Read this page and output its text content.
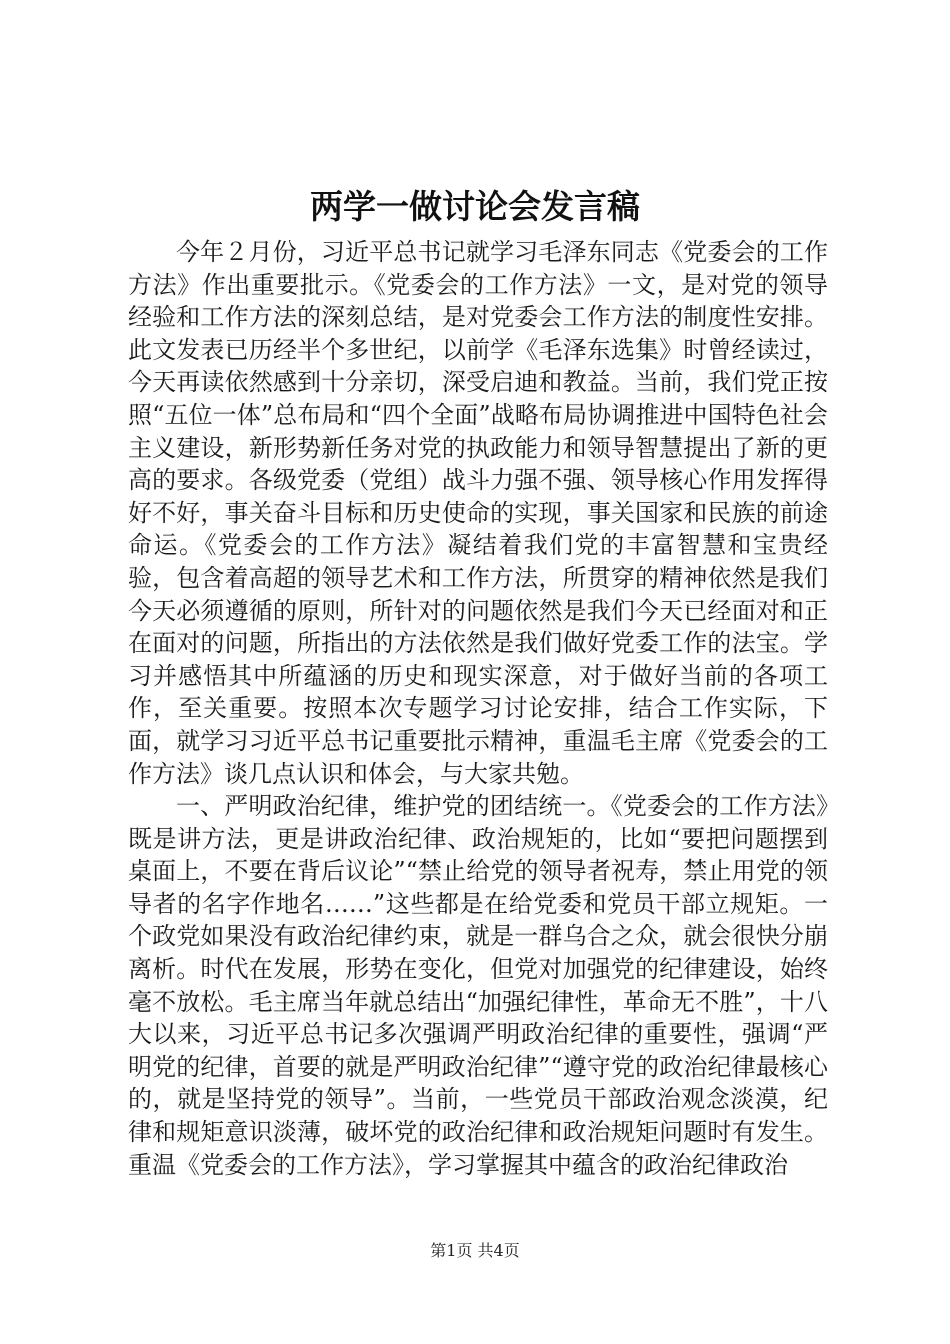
两学一做讨论会发言稿

今年２月份，习近平总书记就学习毛泽东同志《党委会的工作方法》作出重要批示。《党委会的工作方法》一文，是对党的领导经验和工作方法的深刻总结，是对党委会工作方法的制度性安排。此文发表已历经半个多世纪，以前学《毛泽东选集》时曾经读过，今天再读依然感到十分亲切，深受启迪和教益。当前，我们党正按照“五位一体”总布局和“四个全面”战略布局协调推进中国特色社会主义建设，新形势新任务对党的执政能力和领导智慧提出了新的更高的要求。各级党委（党组）战斗力强不强、领导核心作用发挥得好不好，事关奋斗目标和历史使命的实现，事关国家和民族的前途命运。《党委会的工作方法》凝结着我们党的丰富智慧和宝贵经验，包含着高超的领导艺术和工作方法，所贯穿的精神依然是我们今天必须遵循的原则，所针对的问题依然是我们今天已经面对和正在面对的问题，所指出的方法依然是我们做好党委工作的法宝。学习并感悟其中所蕴涵的历史和现实深意，对于做好当前的各项工作，至关重要。按照本次专题学习讨论安排，结合工作实际，下面，就学习习近平总书记重要批示精神，重温毛主席《党委会的工作方法》谈几点认识和体会，与大家共勉。

一、严明政治纪律，维护党的团结统一。《党委会的工作方法》既是讲方法，更是讲政治纪律、政治规矩的，比如“要把问题摆到桌面上，不要在背后议论”“禁止给党的领导者祝寿，禁止用党的领导者的名字作地名……”这些都是在给党委和党员干部立规矩。一个政党如果没有政治纪律约束，就是一群乌合之众，就会很快分崩离析。时代在发展，形势在变化，但党对加强党的纪律建设，始终毫不放松。毛主席当年就总结出“加强纪律性，革命无不胜”，十八大以来，习近平总书记多次强调严明政治纪律的重要性，强调“严明党的纪律，首要的就是严明政治纪律”“遵守党的政治纪律最核心的，就是坚持党的领导”。当前，一些党员干部政治观念淡漠，纪律和规矩意识淡薄，破坏党的政治纪律和政治规矩问题时有发生。重温《党委会的工作方法》，学习掌握其中蕴含的政治纪律政治

第1页 共4页
